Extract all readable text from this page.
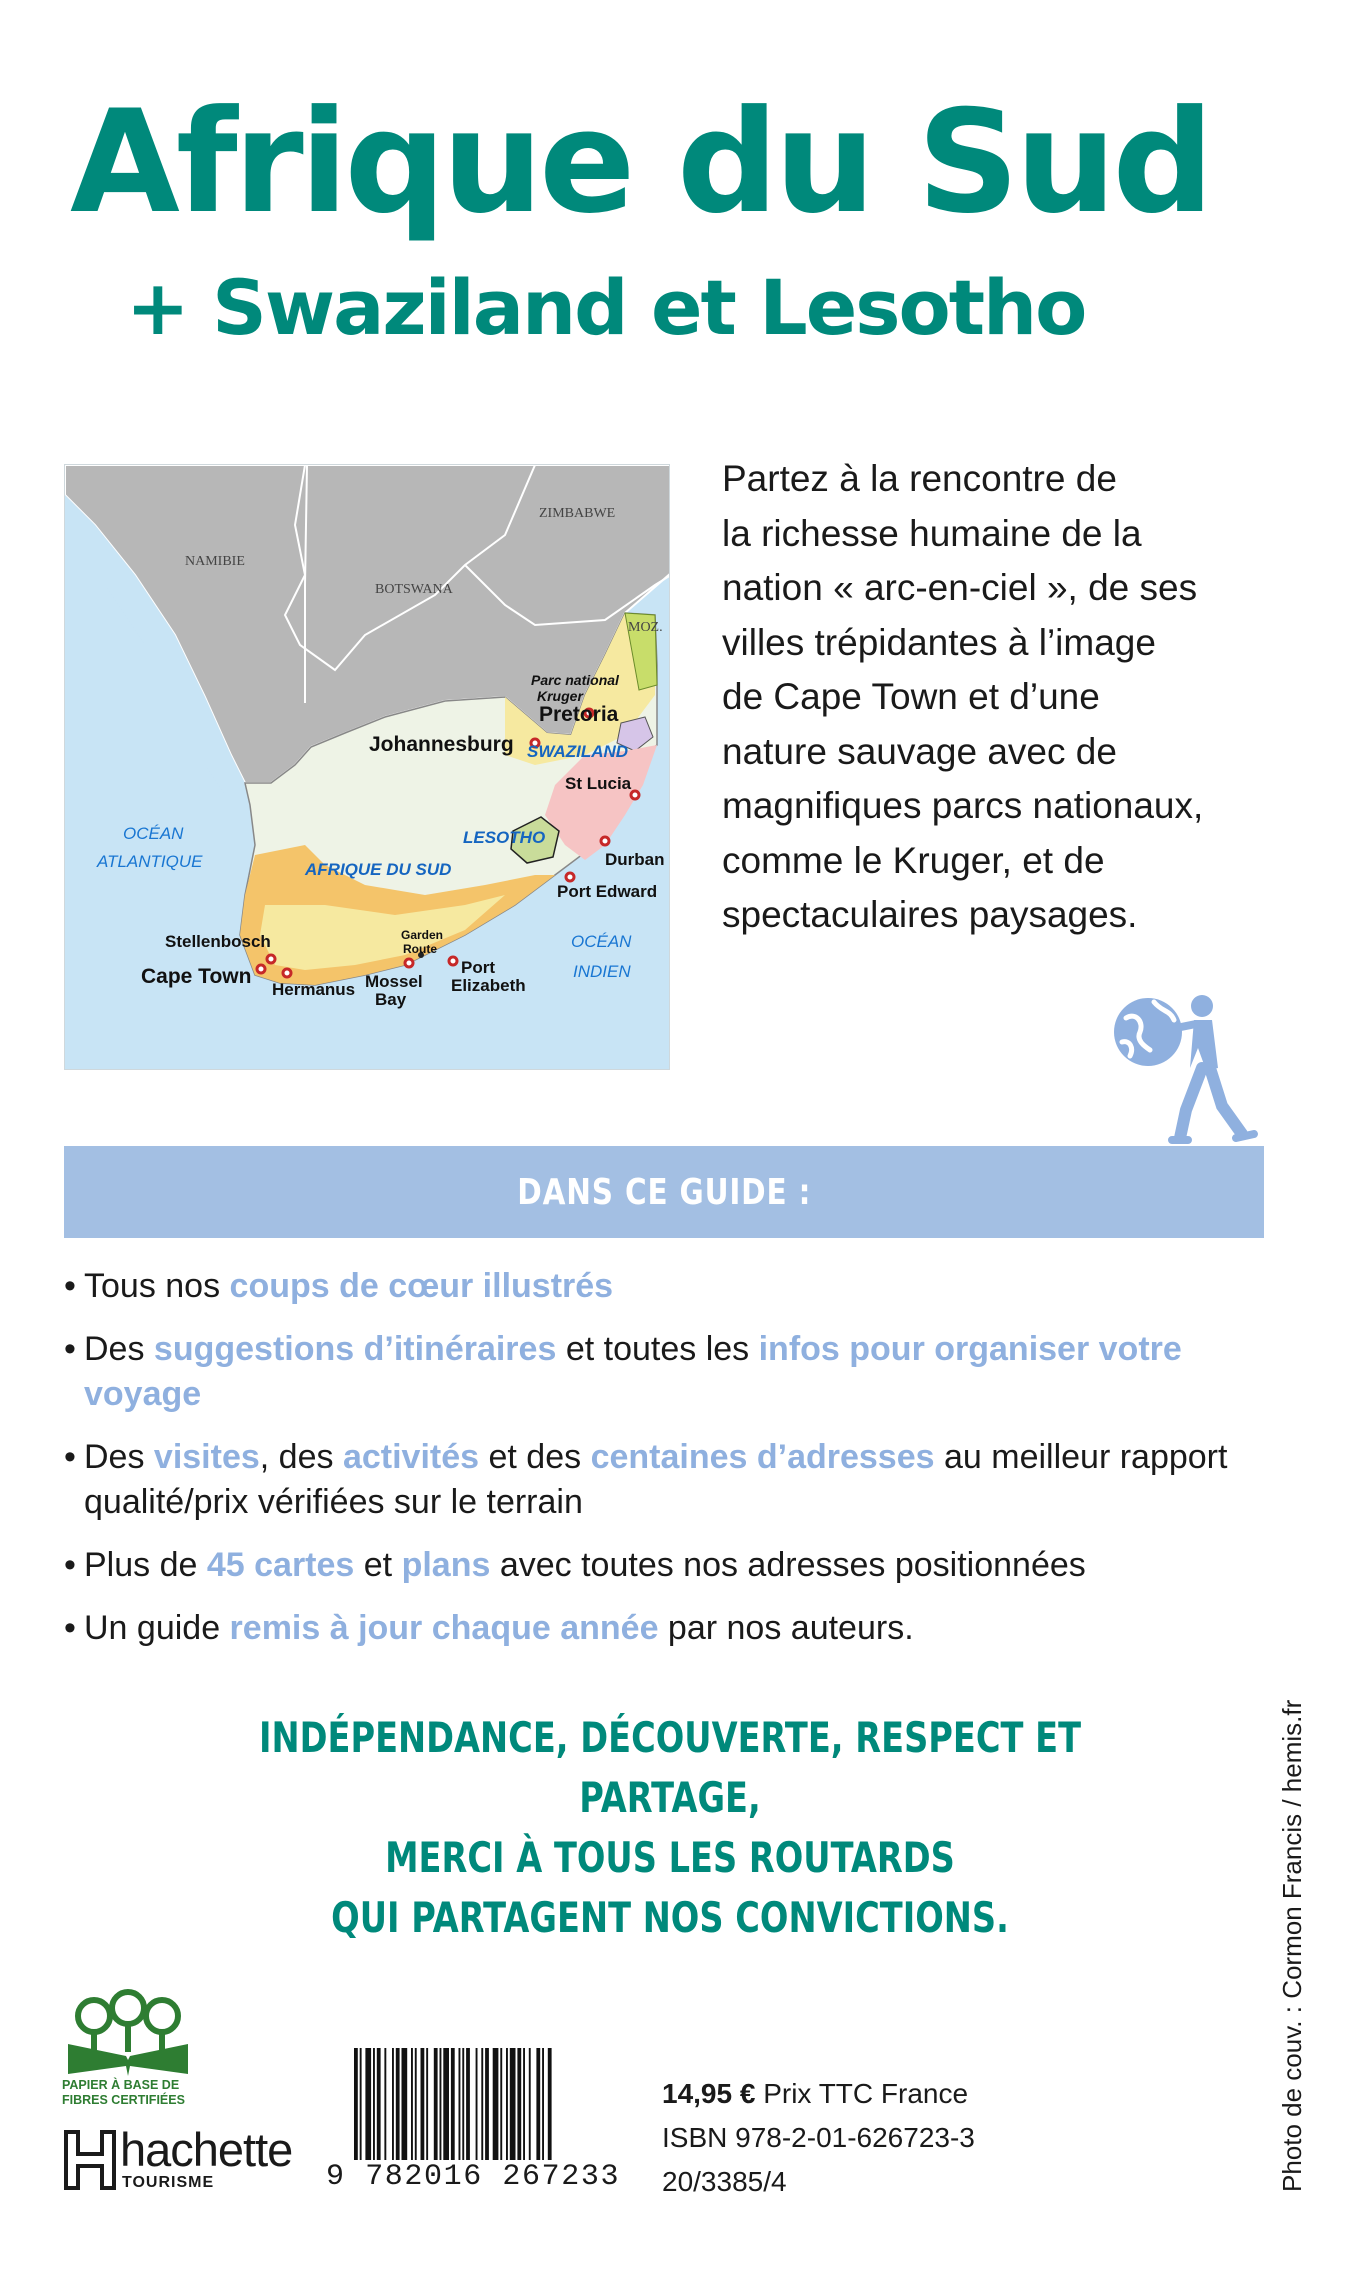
Afrique du Sud
+ Swaziland et Lesotho
NAMIBIE
BOTSWANA
ZIMBABWE
MOZ.
SWAZILAND
LESOTHO
AFRIQUE DU SUD
Parc national
Kruger
Garden
Route
Pretoria
Johannesburg
St Lucia
Durban
Port Edward
Stellenbosch
Cape Town
Hermanus Mossel
Bay
Port
Elizabeth
OCÉAN
ATLANTIQUE
OCÉAN
INDIEN
Partez à la rencontre de
la richesse humaine de la
nation « arc-en-ciel », de ses
villes trépidantes à l’image
de Cape Town et d’une
nature sauvage avec de
magnifiques parcs nationaux,
comme le Kruger, et de
spectaculaires paysages.
DANS CE GUIDE :
• Tous nos coups de cœur illustrés
• Des suggestions d’itinéraires et toutes les infos pour organiser votre voyage
• Des visites, des activités et des centaines d’adresses au meilleur rapport qualité/prix vérifiées sur le terrain
• Plus de 45 cartes et plans avec toutes nos adresses positionnées
• Un guide remis à jour chaque année par nos auteurs.
INDÉPENDANCE, DÉCOUVERTE, RESPECT ET PARTAGE,
MERCI À TOUS LES ROUTARDS
QUI PARTAGENT NOS CONVICTIONS.	Photo de couv. : Cormon Francis / hemis.fr
PAPIER À BASE DE
FIBRES CERTIFIÉES
hachette
TOURISME	9 782016 267233
14,95 € Prix TTC France
ISBN 978-2-01-626723-3
20/3385/4
